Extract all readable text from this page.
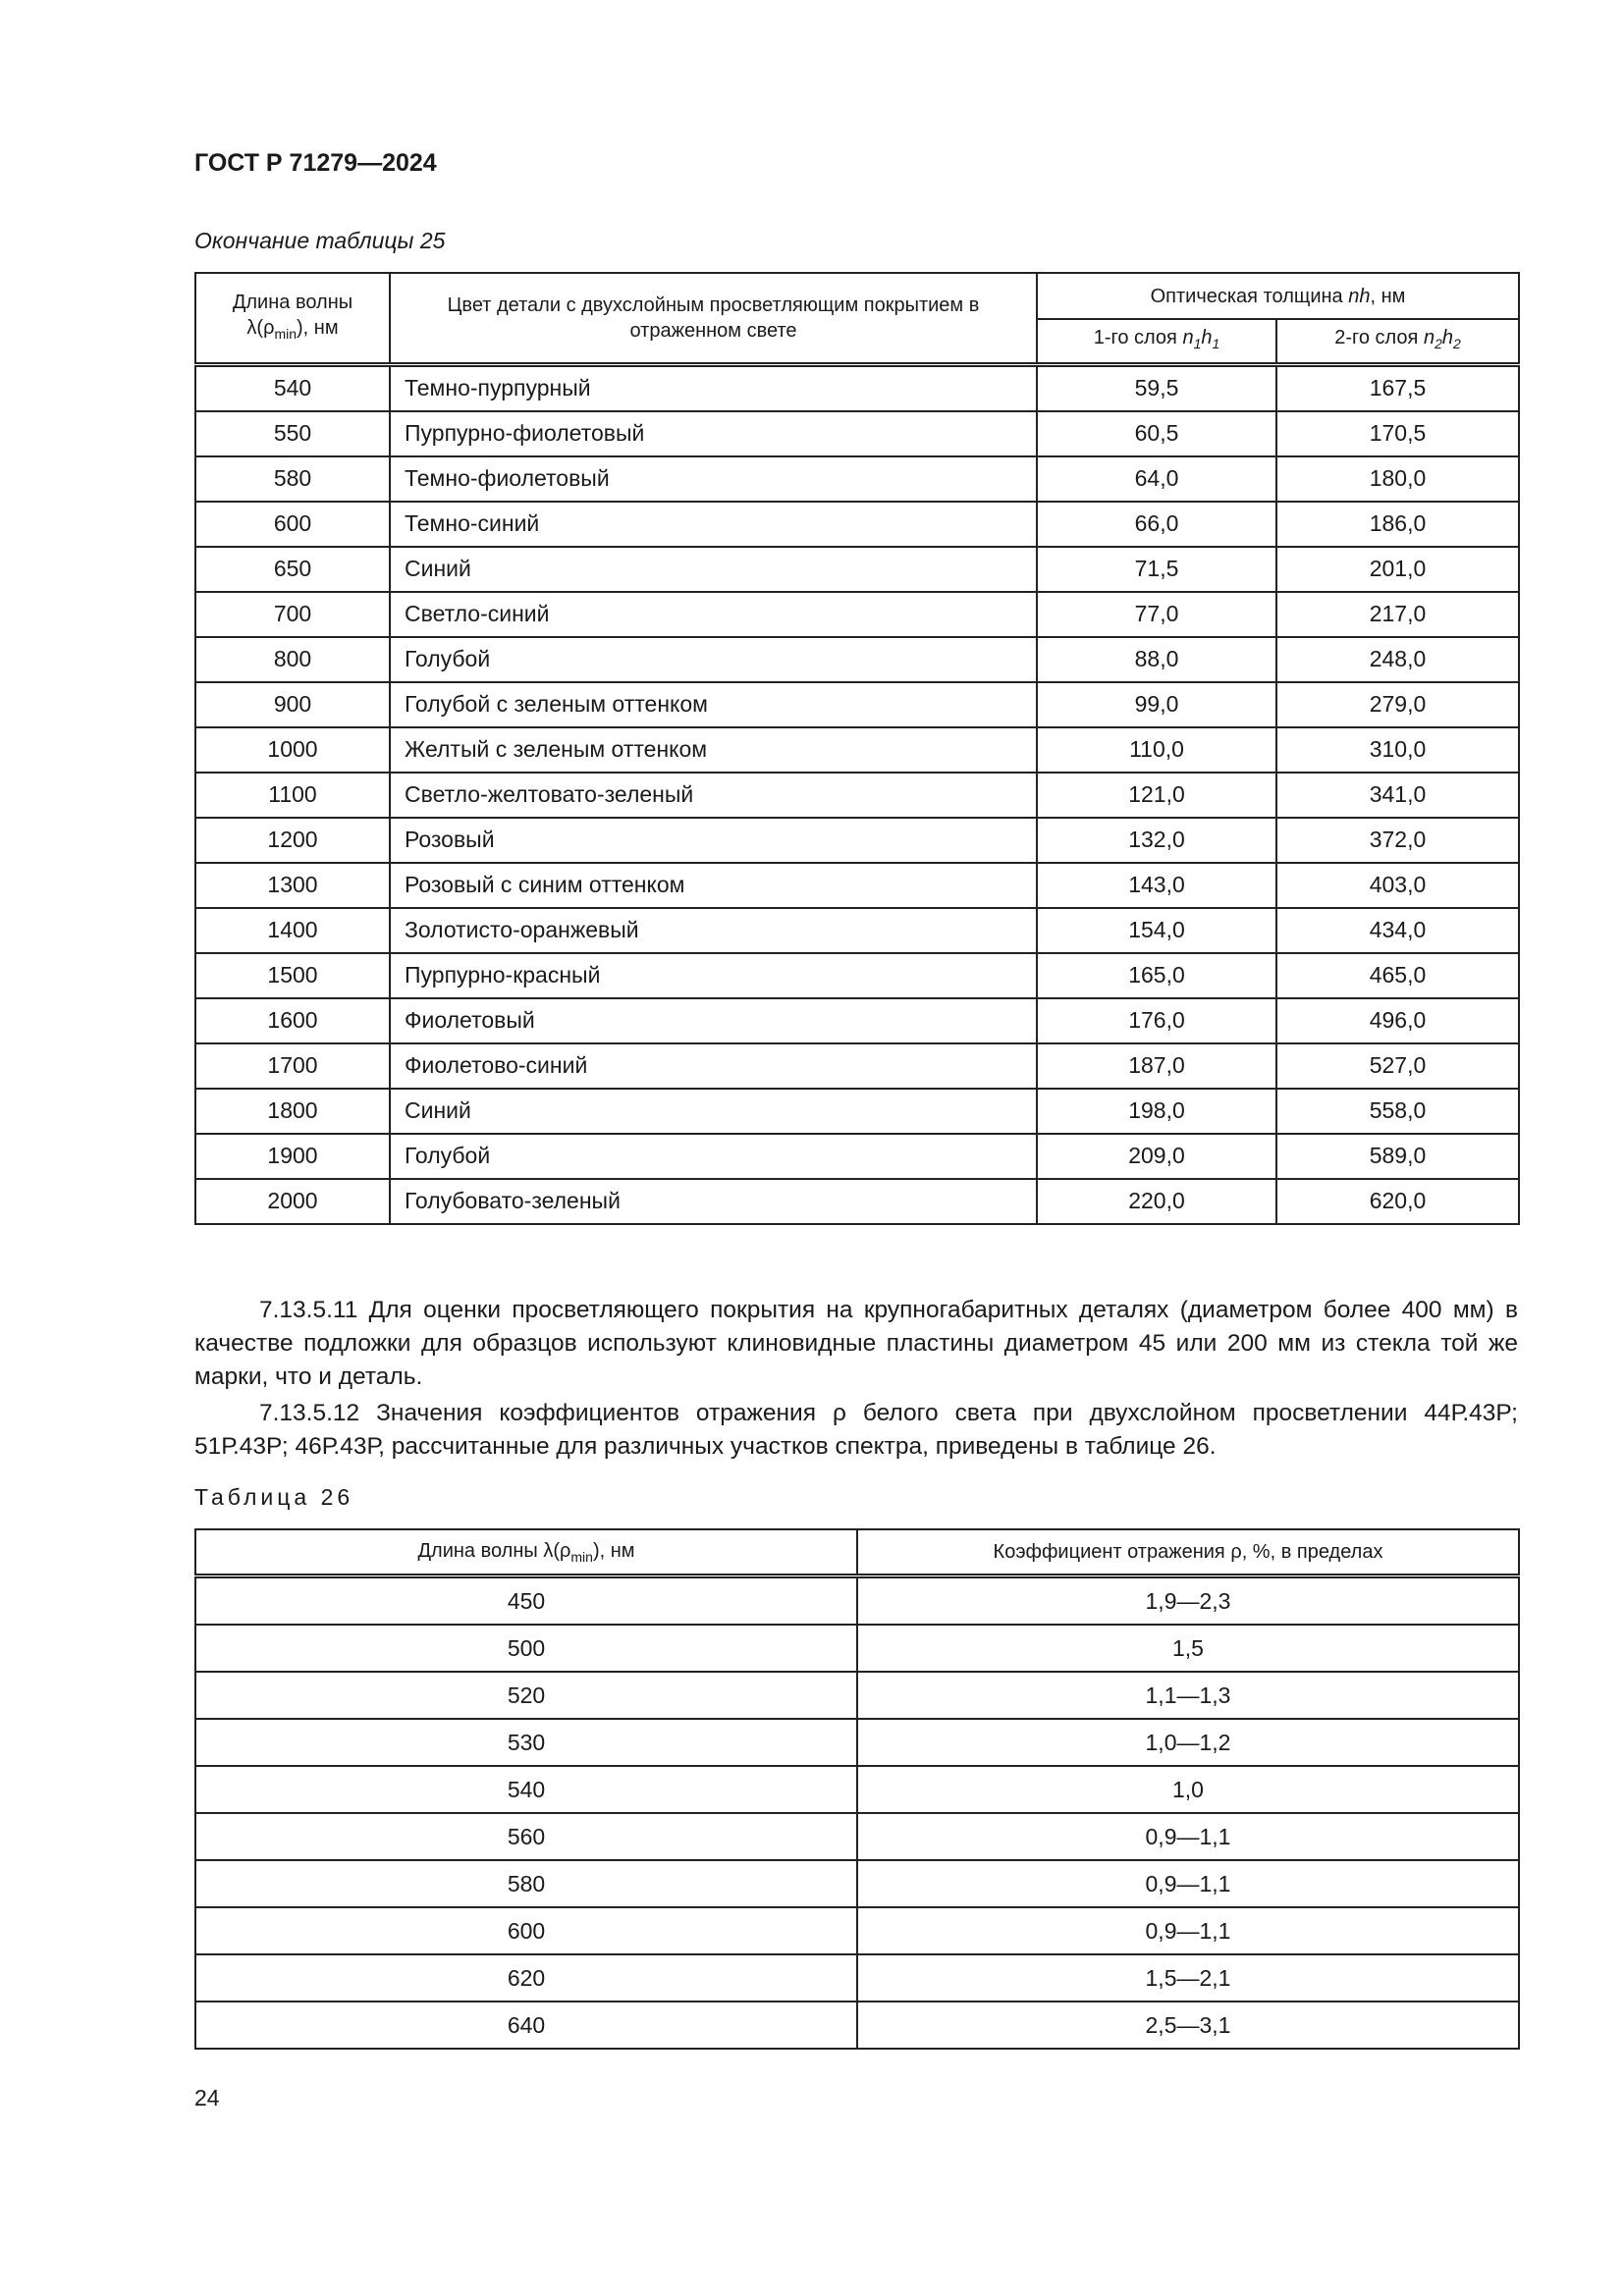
ГОСТ Р 71279—2024
Окончание таблицы 25
Длина волны
$\lambda(\rho_{min})$, нм	Цвет детали с двухслойным просветляющим покрытием в отраженном свете	Оптическая толщина nh, нм	
		1-го слоя $n_1h_1$	2-го слоя $n_2h_2$
540	Темно-пурпурный	59,5	167,5
550	Пурпурно-фиолетовый	60,5	170,5
580	Темно-фиолетовый	64,0	180,0
600	Темно-синий	66,0	186,0
650	Синий	71,5	201,0
700	Светло-синий	77,0	217,0
800	Голубой	88,0	248,0
900	Голубой с зеленым оттенком	99,0	279,0
1000	Желтый с зеленым оттенком	110,0	310,0
1100	Светло-желтовато-зеленый	121,0	341,0
1200	Розовый	132,0	372,0
1300	Розовый с синим оттенком	143,0	403,0
1400	Золотисто-оранжевый	154,0	434,0
1500	Пурпурно-красный	165,0	465,0
1600	Фиолетовый	176,0	496,0
1700	Фиолетово-синий	187,0	527,0
1800	Синий	198,0	558,0
1900	Голубой	209,0	589,0
2000	Голубовато-зеленый	220,0	620,0
7.13.5.11 Для оценки просветляющего покрытия на крупногабаритных деталях (диаметром более 400 мм) в качестве подложки для образцов используют клиновидные пластины диаметром 45 или 200 мм из стекла той же марки, что и деталь.
7.13.5.12 Значения коэффициентов отражения ρ белого света при двухслойном просветлении 44Р.43Р; 51Р.43Р; 46Р.43Р, рассчитанные для различных участков спектра, приведены в таблице 26.
Таблица 26
Длина волны $\lambda(\rho_{min})$, нм	Коэффициент отражения ρ, %, в пределах
450	1,9—2,3
500	1,5
520	1,1—1,3
530	1,0—1,2
540	1,0
560	0,9—1,1
580	0,9—1,1
600	0,9—1,1
620	1,5—2,1
640	2,5—3,1
24
